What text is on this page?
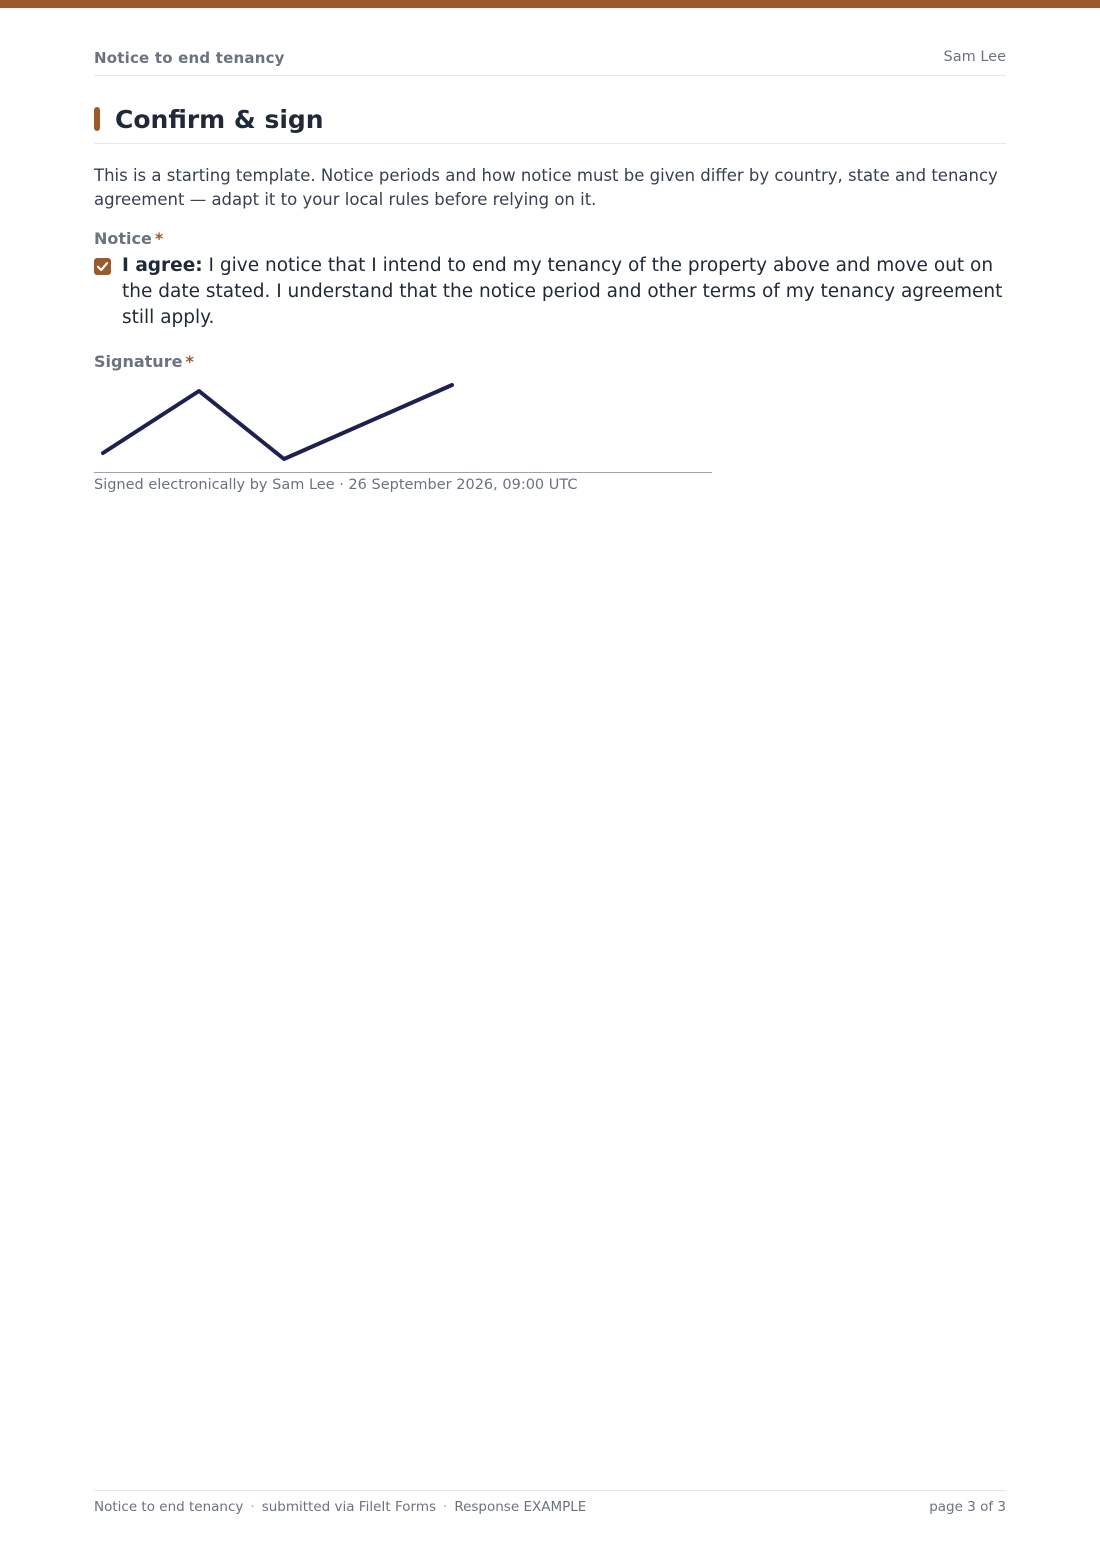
Notice to end tenancy	Sam Lee
Confirm & sign

This is a starting template. Notice periods and how notice must be given differ by country, state and tenancy agreement — adapt it to your local rules before relying on it.

Notice *

I agree: I give notice that I intend to end my tenancy of the property above and move out on the date stated. I understand that the notice period and other terms of my tenancy agreement still apply.

Signature *
Signed electronically by Sam Lee · 26 September 2026, 09:00 UTC
Notice to end tenancy · submitted via FileIt Forms · Response EXAMPLE	page 3 of 3
